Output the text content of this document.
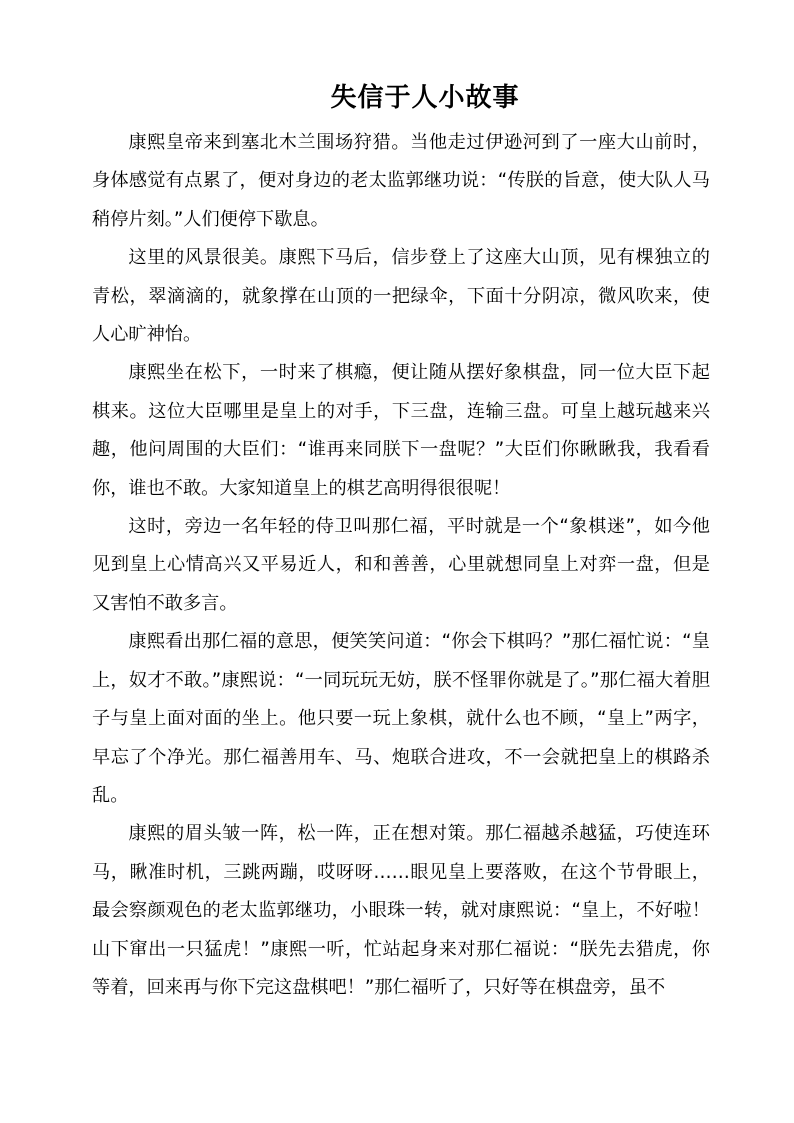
失信于人小故事

康熙皇帝来到塞北木兰围场狩猎。当他走过伊逊河到了一座大山前时，身体感觉有点累了，便对身边的老太监郭继功说：“传朕的旨意，使大队人马稍停片刻。”人们便停下歇息。

这里的风景很美。康熙下马后，信步登上了这座大山顶，见有棵独立的青松，翠滴滴的，就象撑在山顶的一把绿伞，下面十分阴凉，微风吹来，使人心旷神怡。

康熙坐在松下，一时来了棋瘾，便让随从摆好象棋盘，同一位大臣下起棋来。这位大臣哪里是皇上的对手，下三盘，连输三盘。可皇上越玩越来兴趣，他问周围的大臣们：“谁再来同朕下一盘呢？”大臣们你瞅瞅我，我看看你，谁也不敢。大家知道皇上的棋艺高明得很很呢！

这时，旁边一名年轻的侍卫叫那仁福，平时就是一个“象棋迷”，如今他见到皇上心情高兴又平易近人，和和善善，心里就想同皇上对弈一盘，但是又害怕不敢多言。

康熙看出那仁福的意思，便笑笑问道：“你会下棋吗？”那仁福忙说：“皇上，奴才不敢。”康熙说：“一同玩玩无妨，朕不怪罪你就是了。”那仁福大着胆子与皇上面对面的坐上。他只要一玩上象棋，就什么也不顾，“皇上”两字，早忘了个净光。那仁福善用车、马、炮联合进攻，不一会就把皇上的棋路杀乱。

康熙的眉头皱一阵，松一阵，正在想对策。那仁福越杀越猛，巧使连环马，瞅准时机，三跳两蹦，哎呀呀……眼见皇上要落败，在这个节骨眼上，最会察颜观色的老太监郭继功，小眼珠一转，就对康熙说：“皇上，不好啦！山下窜出一只猛虎！”康熙一听，忙站起身来对那仁福说：“朕先去猎虎，你等着，回来再与你下完这盘棋吧！”那仁福听了，只好等在棋盘旁，虽不
